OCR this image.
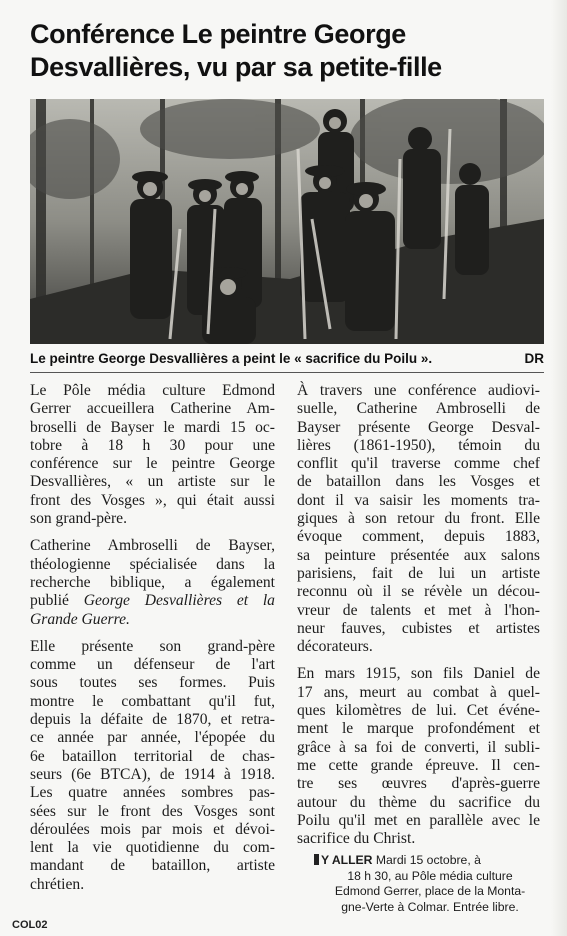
Conférence Le peintre George
Desvallières, vu par sa petite-fille
Le peintre George Desvallières a peint le « sacrifice du Poilu ».	DR
Le Pôle média culture Edmond
Gerrer accueillera Catherine Am-
broselli de Bayser le mardi 15 oc-
tobre à 18 h 30 pour une
conférence sur le peintre George
Desvallières, « un artiste sur le
front des Vosges », qui était aussi
son grand-père.
Catherine Ambroselli de Bayser,
théologienne spécialisée dans la
recherche biblique, a également
publié George Desvallières et la
Grande Guerre.
Elle présente son grand-père
comme un défenseur de l'art
sous toutes ses formes. Puis
montre le combattant qu'il fut,
depuis la défaite de 1870, et retra-
ce année par année, l'épopée du
6e bataillon territorial de chas-
seurs (6e BTCA), de 1914 à 1918.
Les quatre années sombres pas-
sées sur le front des Vosges sont
déroulées mois par mois et dévoi-
lent la vie quotidienne du com-
mandant de bataillon, artiste
chrétien.
À travers une conférence audiovi-
suelle, Catherine Ambroselli de
Bayser présente George Desval-
lières (1861-1950), témoin du
conflit qu'il traverse comme chef
de bataillon dans les Vosges et
dont il va saisir les moments tra-
giques à son retour du front. Elle
évoque comment, depuis 1883,
sa peinture présentée aux salons
parisiens, fait de lui un artiste
reconnu où il se révèle un décou-
vreur de talents et met à l'hon-
neur fauves, cubistes et artistes
décorateurs.
En mars 1915, son fils Daniel de
17 ans, meurt au combat à quel-
ques kilomètres de lui. Cet événe-
ment le marque profondément et
grâce à sa foi de converti, il subli-
me cette grande épreuve. Il cen-
tre ses œuvres d'après-guerre
autour du thème du sacrifice du
Poilu qu'il met en parallèle avec le
sacrifice du Christ.
Y ALLER Mardi 15 octobre, à
18 h 30, au Pôle média culture
Edmond Gerrer, place de la Monta-
gne-Verte à Colmar. Entrée libre.
COL02
